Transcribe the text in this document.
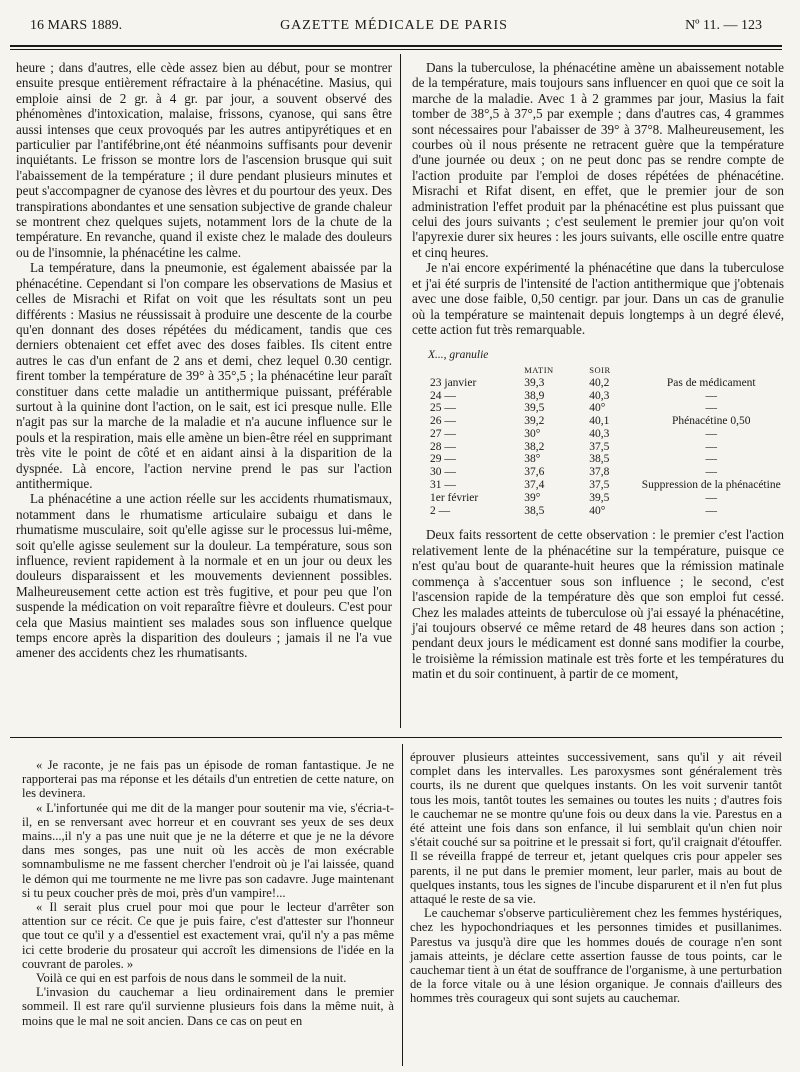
16 MARS 1889.	GAZETTE MÉDICALE DE PARIS	Nº 11. — 123

heure ; dans d'autres, elle cède assez bien au début, pour se montrer ensuite presque entièrement réfractaire à la phénacétine. Masius, qui emploie ainsi de 2 gr. à 4 gr. par jour, a souvent observé des phénomènes d'intoxication, malaise, frissons, cyanose, qui sans être aussi intenses que ceux provoqués par les autres antipyrétiques et en particulier par l'antifébrine,ont été néanmoins suffisants pour devenir inquiétants. Le frisson se montre lors de l'ascension brusque qui suit l'abaissement de la température ; il dure pendant plusieurs minutes et peut s'accompagner de cyanose des lèvres et du pourtour des yeux. Des transpirations abondantes et une sensation subjective de grande chaleur se montrent chez quelques sujets, notamment lors de la chute de la température. En revanche, quand il existe chez le malade des douleurs ou de l'insomnie, la phénacétine les calme.

La température, dans la pneumonie, est également abaissée par la phénacétine. Cependant si l'on compare les observations de Masius et celles de Misrachi et Rifat on voit que les résultats sont un peu différents : Masius ne réussissait à produire une descente de la courbe qu'en donnant des doses répétées du médicament, tandis que ces derniers obtenaient cet effet avec des doses faibles. Ils citent entre autres le cas d'un enfant de 2 ans et demi, chez lequel 0.30 centigr. firent tomber la température de 39° à 35°,5 ; la phénacétine leur paraît constituer dans cette maladie un antithermique puissant, préférable surtout à la quinine dont l'action, on le sait, est ici presque nulle. Elle n'agit pas sur la marche de la maladie et n'a aucune influence sur le pouls et la respiration, mais elle amène un bien-être réel en supprimant très vite le point de côté et en aidant ainsi à la disparition de la dyspnée. Là encore, l'action nervine prend le pas sur l'action antithermique.

La phénacétine a une action réelle sur les accidents rhumatismaux, notamment dans le rhumatisme articulaire subaigu et dans le rhumatisme musculaire, soit qu'elle agisse sur le processus lui-même, soit qu'elle agisse seulement sur la douleur. La température, sous son influence, revient rapidement à la normale et en un jour ou deux les douleurs disparaissent et les mouvements deviennent possibles. Malheureusement cette action est très fugitive, et pour peu que l'on suspende la médication on voit reparaître fièvre et douleurs. C'est pour cela que Masius maintient ses malades sous son influence quelque temps encore après la disparition des douleurs ; jamais il ne l'a vue amener des accidents chez les rhumatisants.

Dans la tuberculose, la phénacétine amène un abaissement notable de la température, mais toujours sans influencer en quoi que ce soit la marche de la maladie. Avec 1 à 2 grammes par jour, Masius la fait tomber de 38°,5 à 37°,5 par exemple ; dans d'autres cas, 4 grammes sont nécessaires pour l'abaisser de 39° à 37°8. Malheureusement, les courbes où il nous présente ne retracent guère que la température d'une journée ou deux ; on ne peut donc pas se rendre compte de l'action produite par l'emploi de doses répétées de phénacétine. Misrachi et Rifat disent, en effet, que le premier jour de son administration l'effet produit par la phénacétine est plus puissant que celui des jours suivants ; c'est seulement le premier jour qu'on voit l'apyrexie durer six heures : les jours suivants, elle oscille entre quatre et cinq heures.

Je n'ai encore expérimenté la phénacétine que dans la tuberculose et j'ai été surpris de l'intensité de l'action antithermique que j'obtenais avec une dose faible, 0,50 centigr. par jour. Dans un cas de granulie où la température se maintenait depuis longtemps à un degré élevé, cette action fut très remarquable.

X..., granulie
	MATIN	SOIR	
23 janvier	39,3	40,2	Pas de médicament
24 —	38,9	40,3	—
25 —	39,5	40°	—
26 —	39,2	40,1	Phénacétine 0,50
27 —	30°	40,3	—
28 —	38,2	37,5	—
29 —	38°	38,5	—
30 —	37,6	37,8	—
31 —	37,4	37,5	Suppression de la phénacétine
1er février	39°	39,5	—
2 —	38,5	40°	—

Deux faits ressortent de cette observation : le premier c'est l'action relativement lente de la phénacétine sur la température, puisque ce n'est qu'au bout de quarante-huit heures que la rémission matinale commença à s'accentuer sous son influence ; le second, c'est l'ascension rapide de la température dès que son emploi fut cessé. Chez les malades atteints de tuberculose où j'ai essayé la phénacétine, j'ai toujours observé ce même retard de 48 heures dans son action ; pendant deux jours le médicament est donné sans modifier la courbe, le troisième la rémission matinale est très forte et les températures du matin et du soir continuent, à partir de ce moment,

« Je raconte, je ne fais pas un épisode de roman fantastique. Je ne rapporterai pas ma réponse et les détails d'un entretien de cette nature, on les devinera.

« L'infortunée qui me dit de la manger pour soutenir ma vie, s'écria-t-il, en se renversant avec horreur et en couvrant ses yeux de ses deux mains...,il n'y a pas une nuit que je ne la déterre et que je ne la dévore dans mes songes, pas une nuit où les accès de mon exécrable somnambulisme ne me fassent chercher l'endroit où je l'ai laissée, quand le démon qui me tourmente ne me livre pas son cadavre. Juge maintenant si tu peux coucher près de moi, près d'un vampire!...

« Il serait plus cruel pour moi que pour le lecteur d'arrêter son attention sur ce récit. Ce que je puis faire, c'est d'attester sur l'honneur que tout ce qu'il y a d'essentiel est exactement vrai, qu'il n'y a pas même ici cette broderie du prosateur qui accroît les dimensions de l'idée en la couvrant de paroles. »

Voilà ce qui en est parfois de nous dans le sommeil de la nuit.

L'invasion du cauchemar a lieu ordinairement dans le premier sommeil. Il est rare qu'il survienne plusieurs fois dans la même nuit, à moins que le mal ne soit ancien. Dans ce cas on peut en

éprouver plusieurs atteintes successivement, sans qu'il y ait réveil complet dans les intervalles. Les paroxysmes sont généralement très courts, ils ne durent que quelques instants. On les voit survenir tantôt tous les mois, tantôt toutes les semaines ou toutes les nuits ; d'autres fois le cauchemar ne se montre qu'une fois ou deux dans la vie. Parestus en a été atteint une fois dans son enfance, il lui semblait qu'un chien noir s'était couché sur sa poitrine et le pressait si fort, qu'il craignait d'étouffer. Il se réveilla frappé de terreur et, jetant quelques cris pour appeler ses parents, il ne put dans le premier moment, leur parler, mais au bout de quelques instants, tous les signes de l'incube disparurent et il n'en fut plus attaqué le reste de sa vie.

Le cauchemar s'observe particulièrement chez les femmes hystériques, chez les hypochondriaques et les personnes timides et pusillanimes. Parestus va jusqu'à dire que les hommes doués de courage n'en sont jamais atteints, je déclare cette assertion fausse de tous points, car le cauchemar tient à un état de souffrance de l'organisme, à une perturbation de la force vitale ou à une lésion organique. Je connais d'ailleurs des hommes très courageux qui sont sujets au cauchemar.
